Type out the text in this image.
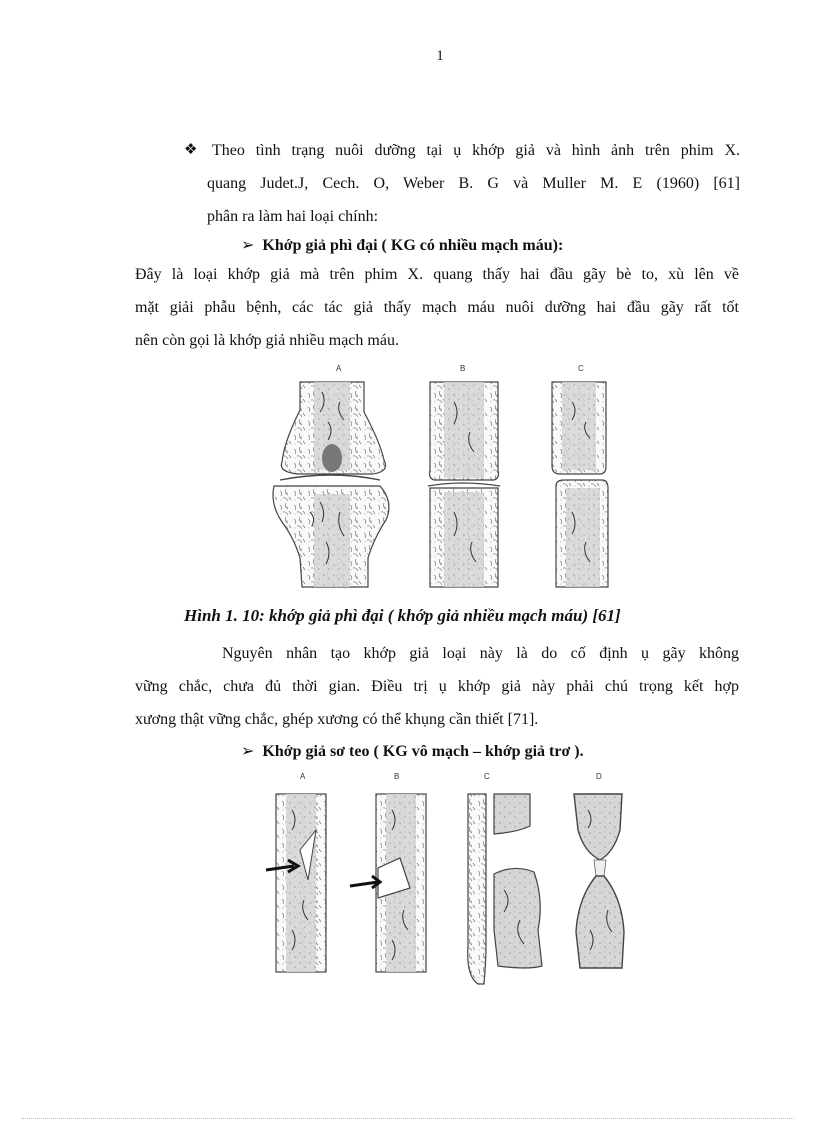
1
❖ Theo tình trạng nuôi dưỡng tại ụ khớp giả và hình ảnh trên phim X.
quang Judet.J, Cech. O, Weber B. G và Muller M. E (1960) [61]
phân ra làm hai loại chính:
➢ Khớp giả phì đại ( KG có nhiều mạch máu):
Đây là loại khớp giả mà trên phim X. quang thấy hai đầu gãy bè to, xù lên về
mặt giải phẫu bệnh, các tác giả thấy mạch máu nuôi dưỡng hai đầu gãy rất tốt
nên còn gọi là khớp giả nhiều mạch máu.
A	B	C
Hình 1. 10: khớp giả phì đại ( khớp giả nhiều mạch máu) [61]
Nguyên nhân tạo khớp giả loại này là do cố định ụ gãy không
vững chắc, chưa đủ thời gian. Điều trị ụ khớp giả này phải chú trọng kết hợp
xương thật vững chắc, ghép xương có thể khụng cần thiết [71].
➢ Khớp giả sơ teo ( KG vô mạch – khớp giả trơ ).
A	B	C	D
